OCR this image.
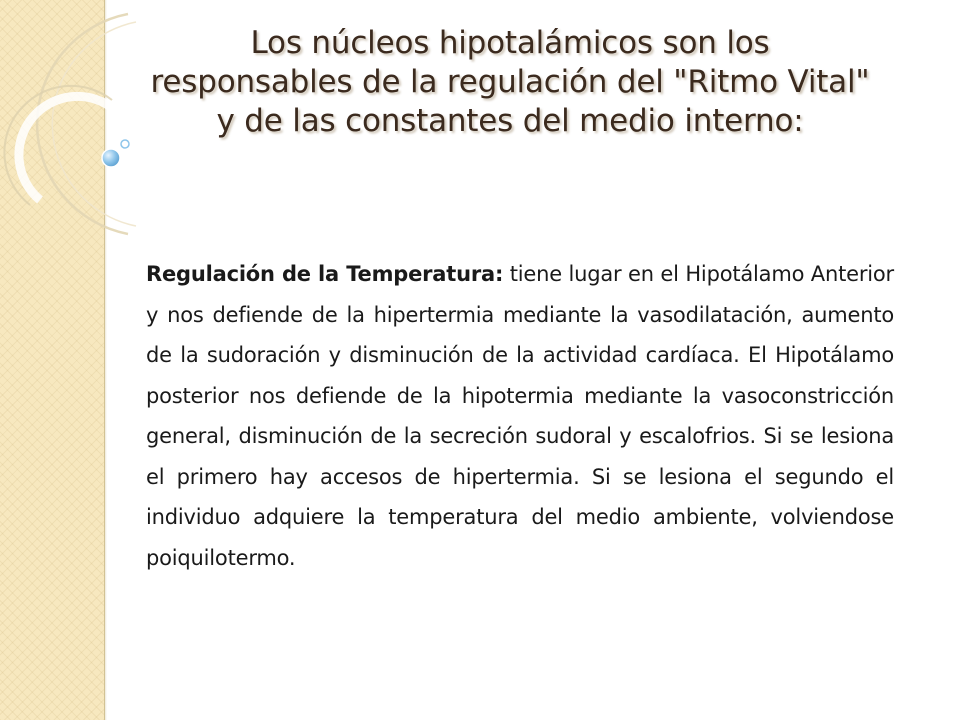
Los núcleos hipotalámicos son los responsables de la regulación del "Ritmo Vital" y de las constantes del medio interno:

Regulación de la Temperatura: tiene lugar en el Hipotálamo Anterior y nos defiende de la hipertermia mediante la vasodilatación, aumento de la sudoración y disminución de la actividad cardíaca. El Hipotálamo posterior nos defiende de la hipotermia mediante la vasoconstricción general, disminución de la secreción sudoral y escalofrios. Si se lesiona el primero hay accesos de hipertermia. Si se lesiona el segundo el individuo adquiere la temperatura del medio ambiente, volviendose poiquilotermo.
